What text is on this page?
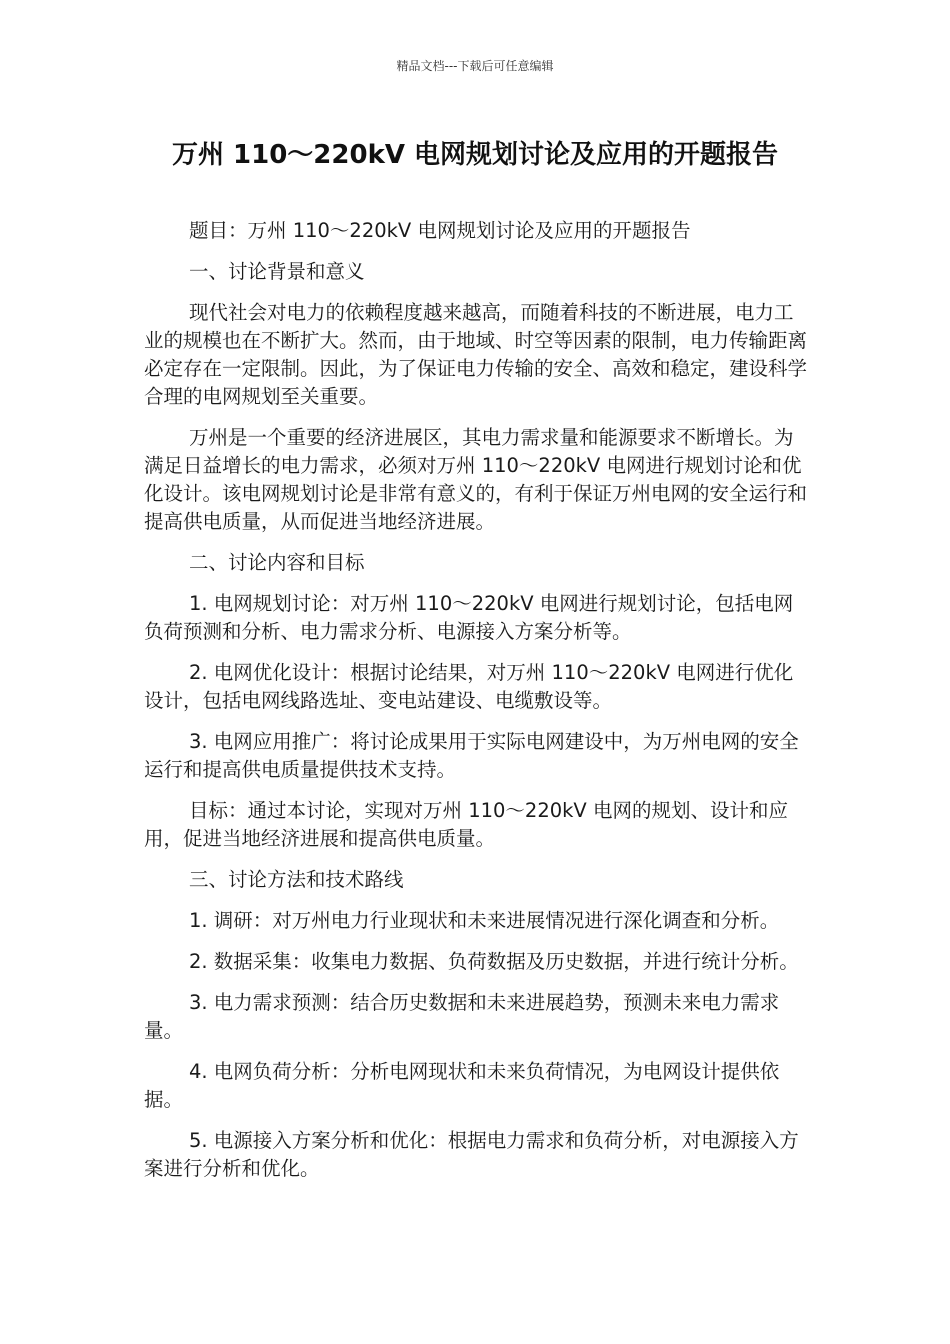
精品文档---下载后可任意编辑
万州 110～220kV 电网规划讨论及应用的开题报告

题目：万州 110～220kV 电网规划讨论及应用的开题报告

一、讨论背景和意义

现代社会对电力的依赖程度越来越高，而随着科技的不断进展，电力工业的规模也在不断扩大。然而，由于地域、时空等因素的限制，电力传输距离必定存在一定限制。因此，为了保证电力传输的安全、高效和稳定，建设科学合理的电网规划至关重要。

万州是一个重要的经济进展区，其电力需求量和能源要求不断增长。为满足日益增长的电力需求，必须对万州 110～220kV 电网进行规划讨论和优化设计。该电网规划讨论是非常有意义的，有利于保证万州电网的安全运行和提高供电质量，从而促进当地经济进展。

二、讨论内容和目标

1. 电网规划讨论：对万州 110～220kV 电网进行规划讨论，包括电网负荷预测和分析、电力需求分析、电源接入方案分析等。

2. 电网优化设计：根据讨论结果，对万州 110～220kV 电网进行优化设计，包括电网线路选址、变电站建设、电缆敷设等。

3. 电网应用推广：将讨论成果用于实际电网建设中，为万州电网的安全运行和提高供电质量提供技术支持。

目标：通过本讨论，实现对万州 110～220kV 电网的规划、设计和应用，促进当地经济进展和提高供电质量。

三、讨论方法和技术路线

1. 调研：对万州电力行业现状和未来进展情况进行深化调查和分析。

2. 数据采集：收集电力数据、负荷数据及历史数据，并进行统计分析。

3. 电力需求预测：结合历史数据和未来进展趋势，预测未来电力需求量。

4. 电网负荷分析：分析电网现状和未来负荷情况，为电网设计提供依据。

5. 电源接入方案分析和优化：根据电力需求和负荷分析，对电源接入方案进行分析和优化。
